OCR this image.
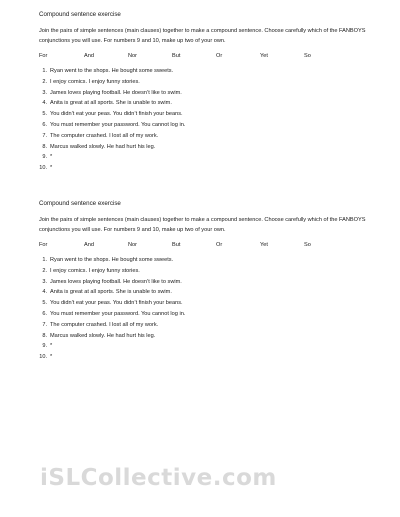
Compound sentence exercise

Join the pairs of simple sentences (main clauses) together to make a compound sentence. Choose carefully which of the FANBOYS conjunctions you will use. For numbers 9 and 10, make up two of your own.
For	And	Nor	But	Or	Yet	So
1. Ryan went to the shops. He bought some sweets.
2. I enjoy comics. I enjoy funny stories.
3. James loves playing football. He doesn’t like to swim.
4. Anita is great at all sports. She is unable to swim.
5. You didn’t eat your peas. You didn’t finish your beans.
6. You must remember your password. You cannot log in.
7. The computer crashed. I lost all of my work.
8. Marcus walked slowly. He had hurt his leg.
9. *
10. *

Compound sentence exercise

Join the pairs of simple sentences (main clauses) together to make a compound sentence. Choose carefully which of the FANBOYS conjunctions you will use. For numbers 9 and 10, make up two of your own.
For	And	Nor	But	Or	Yet	So
1. Ryan went to the shops. He bought some sweets.
2. I enjoy comics. I enjoy funny stories.
3. James loves playing football. He doesn’t like to swim.
4. Anita is great at all sports. She is unable to swim.
5. You didn’t eat your peas. You didn’t finish your beans.
6. You must remember your password. You cannot log in.
7. The computer crashed. I lost all of my work.
8. Marcus walked slowly. He had hurt his leg.
9. *
10. *
iSLCollective.com
